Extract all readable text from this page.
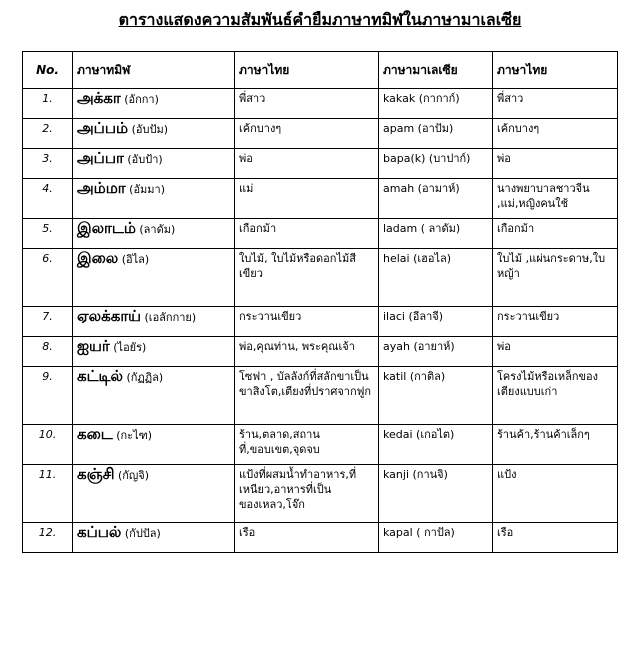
ตารางแสดงความสัมพันธ์คำยืมภาษาทมิฬในภาษามาเลเซีย
No.	ภาษาทมิฬ	ภาษาไทย	ภาษามาเลเซีย	ภาษาไทย
1.	அக்கா (อักกา)	พี่สาว	kakak (กากาก์)	พี่สาว
2.	அப்பம் (อับปัม)	เค้กบางๆ	apam (อาปัม)	เค้กบางๆ
3.	அப்பா (อับป้า)	พ่อ	bapa(k) (บาปาก์)	พ่อ
4.	அம்மா (อัมมา)	แม่	amah (อามาห์)	นางพยาบาลชาวจีน ,แม่,หญิงคนใช้
5.	இலாடம் (ลาดัม)	เกือกม้า	ladam ( ลาดัม)	เกือกม้า
6.	இலை (อิไล)	ใบไม้, ใบไม้หรือดอกไม้สีเขียว	helai (เฮอไล)	ใบไม้ ,แผ่นกระดาษ,ใบหญ้า
7.	ஏலக்காய் (เอลักกาย)	กระวานเขียว	ilaci (อีลาจี)	กระวานเขียว
8.	ஐயர் (ไอยัร)	พ่อ,คุณท่าน, พระคุณเจ้า	ayah (อายาห์)	พ่อ
9.	கட்டில் (กัฏฏิล)	โซฟา , บัลลังก์ที่สลักขาเป็นขาสิงโต,เตียงที่ปราศจากฟูก	katil (กาติล)	โครงไม้หรือเหล็กของเตียงแบบเก่า
10.	கடை (กะไฑ)	ร้าน,ตลาด,สถานที่,ขอบเขต,จุดจบ	kedai (เกอไต)	ร้านค้า,ร้านค้าเล็กๆ
11.	கஞ்சி (กัญจิ)	แป้งที่ผสมน้ำทำอาหาร,ที่เหนียว,อาหารที่เป็นของเหลว,โจ๊ก	kanji (กานจิ)	แป้ง
12.	கப்பல் (กัปปัล)	เรือ	kapal ( กาปัล)	เรือ
